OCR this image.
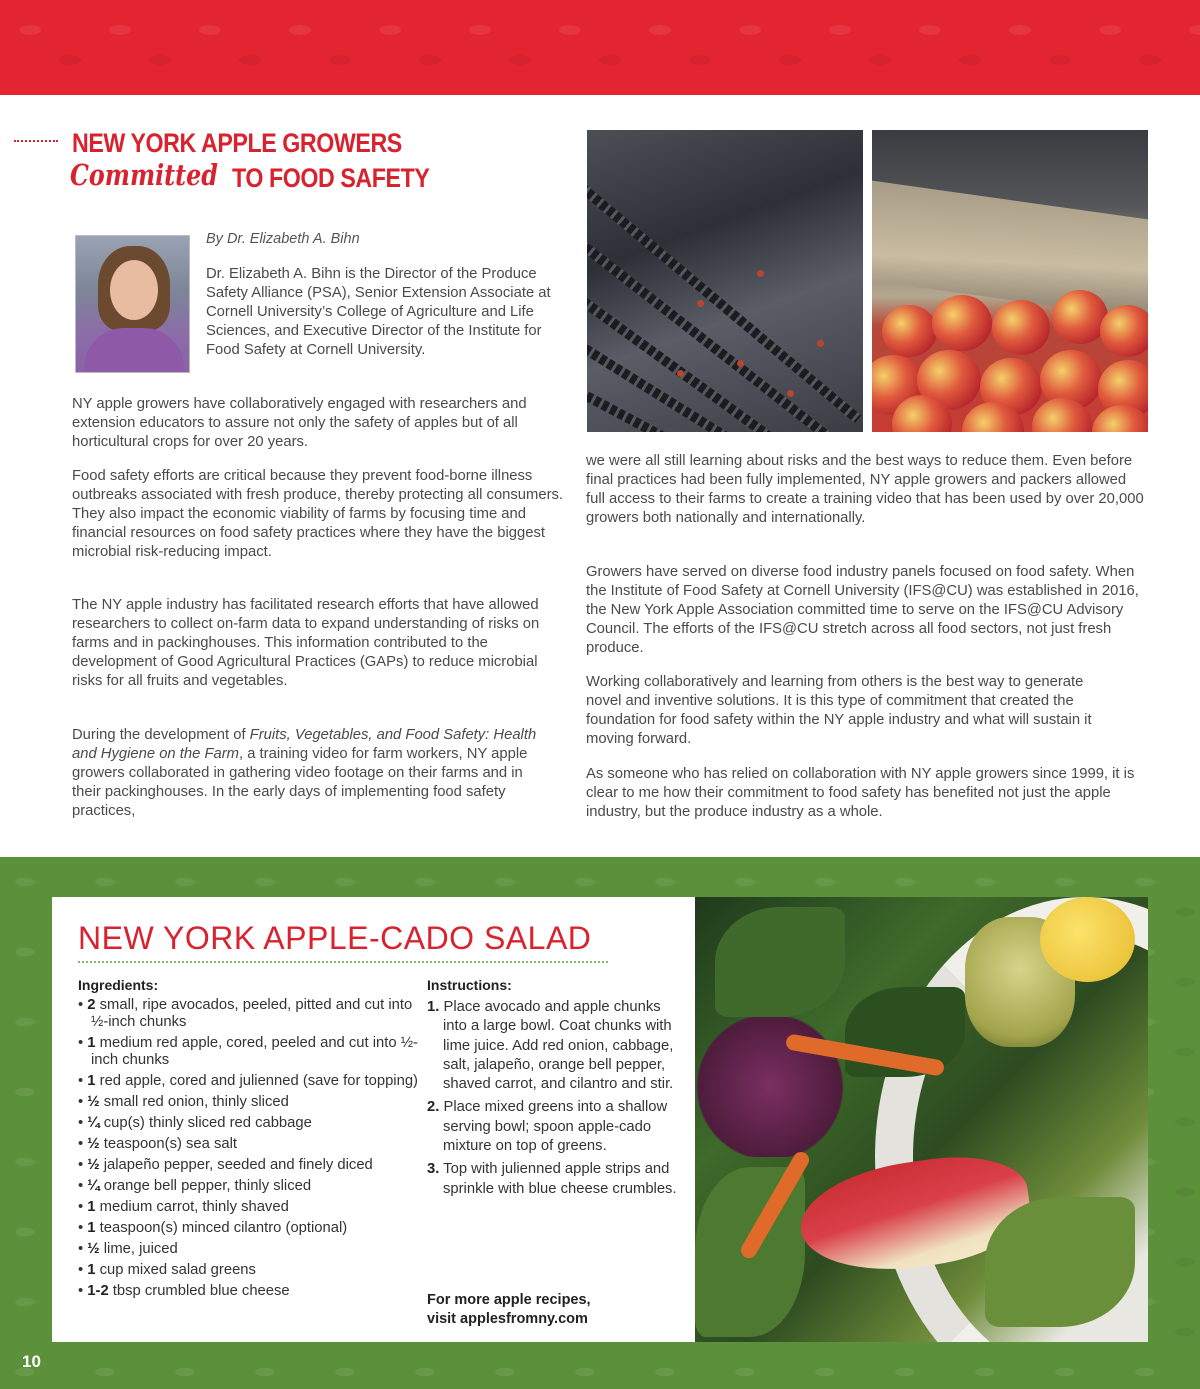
NEW YORK APPLE GROWERS
Committed TO FOOD SAFETY
By Dr. Elizabeth A. Bihn
Dr. Elizabeth A. Bihn is the Director of the Produce Safety Alliance (PSA), Senior Extension Associate at Cornell University’s College of Agriculture and Life Sciences, and Executive Director of the Institute for Food Safety at Cornell University.
NY apple growers have collaboratively engaged with researchers and extension educators to assure not only the safety of apples but of all horticultural crops for over 20 years.
Food safety efforts are critical because they prevent food-borne illness outbreaks associated with fresh produce, thereby protecting all consumers. They also impact the economic viability of farms by focusing time and financial resources on food safety practices where they have the biggest microbial risk-reducing impact.
The NY apple industry has facilitated research efforts that have allowed researchers to collect on-farm data to expand understanding of risks on farms and in packinghouses. This information contributed to the development of Good Agricultural Practices (GAPs) to reduce microbial risks for all fruits and vegetables.
During the development of Fruits, Vegetables, and Food Safety: Health and Hygiene on the Farm, a training video for farm workers, NY apple growers collaborated in gathering video footage on their farms and in their packinghouses. In the early days of implementing food safety practices,
we were all still learning about risks and the best ways to reduce them. Even before final practices had been fully implemented, NY apple growers and packers allowed full access to their farms to create a training video that has been used by over 20,000 growers both nationally and internationally.
Growers have served on diverse food industry panels focused on food safety. When the Institute of Food Safety at Cornell University (IFS@CU) was established in 2016, the New York Apple Association committed time to serve on the IFS@CU Advisory Council. The efforts of the IFS@CU stretch across all food sectors, not just fresh produce.
Working collaboratively and learning from others is the best way to generate novel and inventive solutions. It is this type of commitment that created the foundation for food safety within the NY apple industry and what will sustain it moving forward.
As someone who has relied on collaboration with NY apple growers since 1999, it is clear to me how their commitment to food safety has benefited not just the apple industry, but the produce industry as a whole.
NEW YORK APPLE-CADO SALAD
Ingredients:	Instructions:
• 2 small, ripe avocados, peeled, pitted and cut into ½-inch chunks
• 1 medium red apple, cored, peeled and cut into ½-inch chunks
• 1 red apple, cored and julienned (save for topping)
• ½ small red onion, thinly sliced
• ¼ cup(s) thinly sliced red cabbage
• ½ teaspoon(s) sea salt
• ½ jalapeño pepper, seeded and finely diced
• ¼ orange bell pepper, thinly sliced
• 1 medium carrot, thinly shaved
• 1 teaspoon(s) minced cilantro (optional)
• ½ lime, juiced
• 1 cup mixed salad greens
• 1-2 tbsp crumbled blue cheese
1. Place avocado and apple chunks into a large bowl. Coat chunks with lime juice. Add red onion, cabbage, salt, jalapeño, orange bell pepper, shaved carrot, and cilantro and stir.
2. Place mixed greens into a shallow serving bowl; spoon apple-cado mixture on top of greens.
3. Top with julienned apple strips and sprinkle with blue cheese crumbles.
For more apple recipes,
visit applesfromny.com
10
